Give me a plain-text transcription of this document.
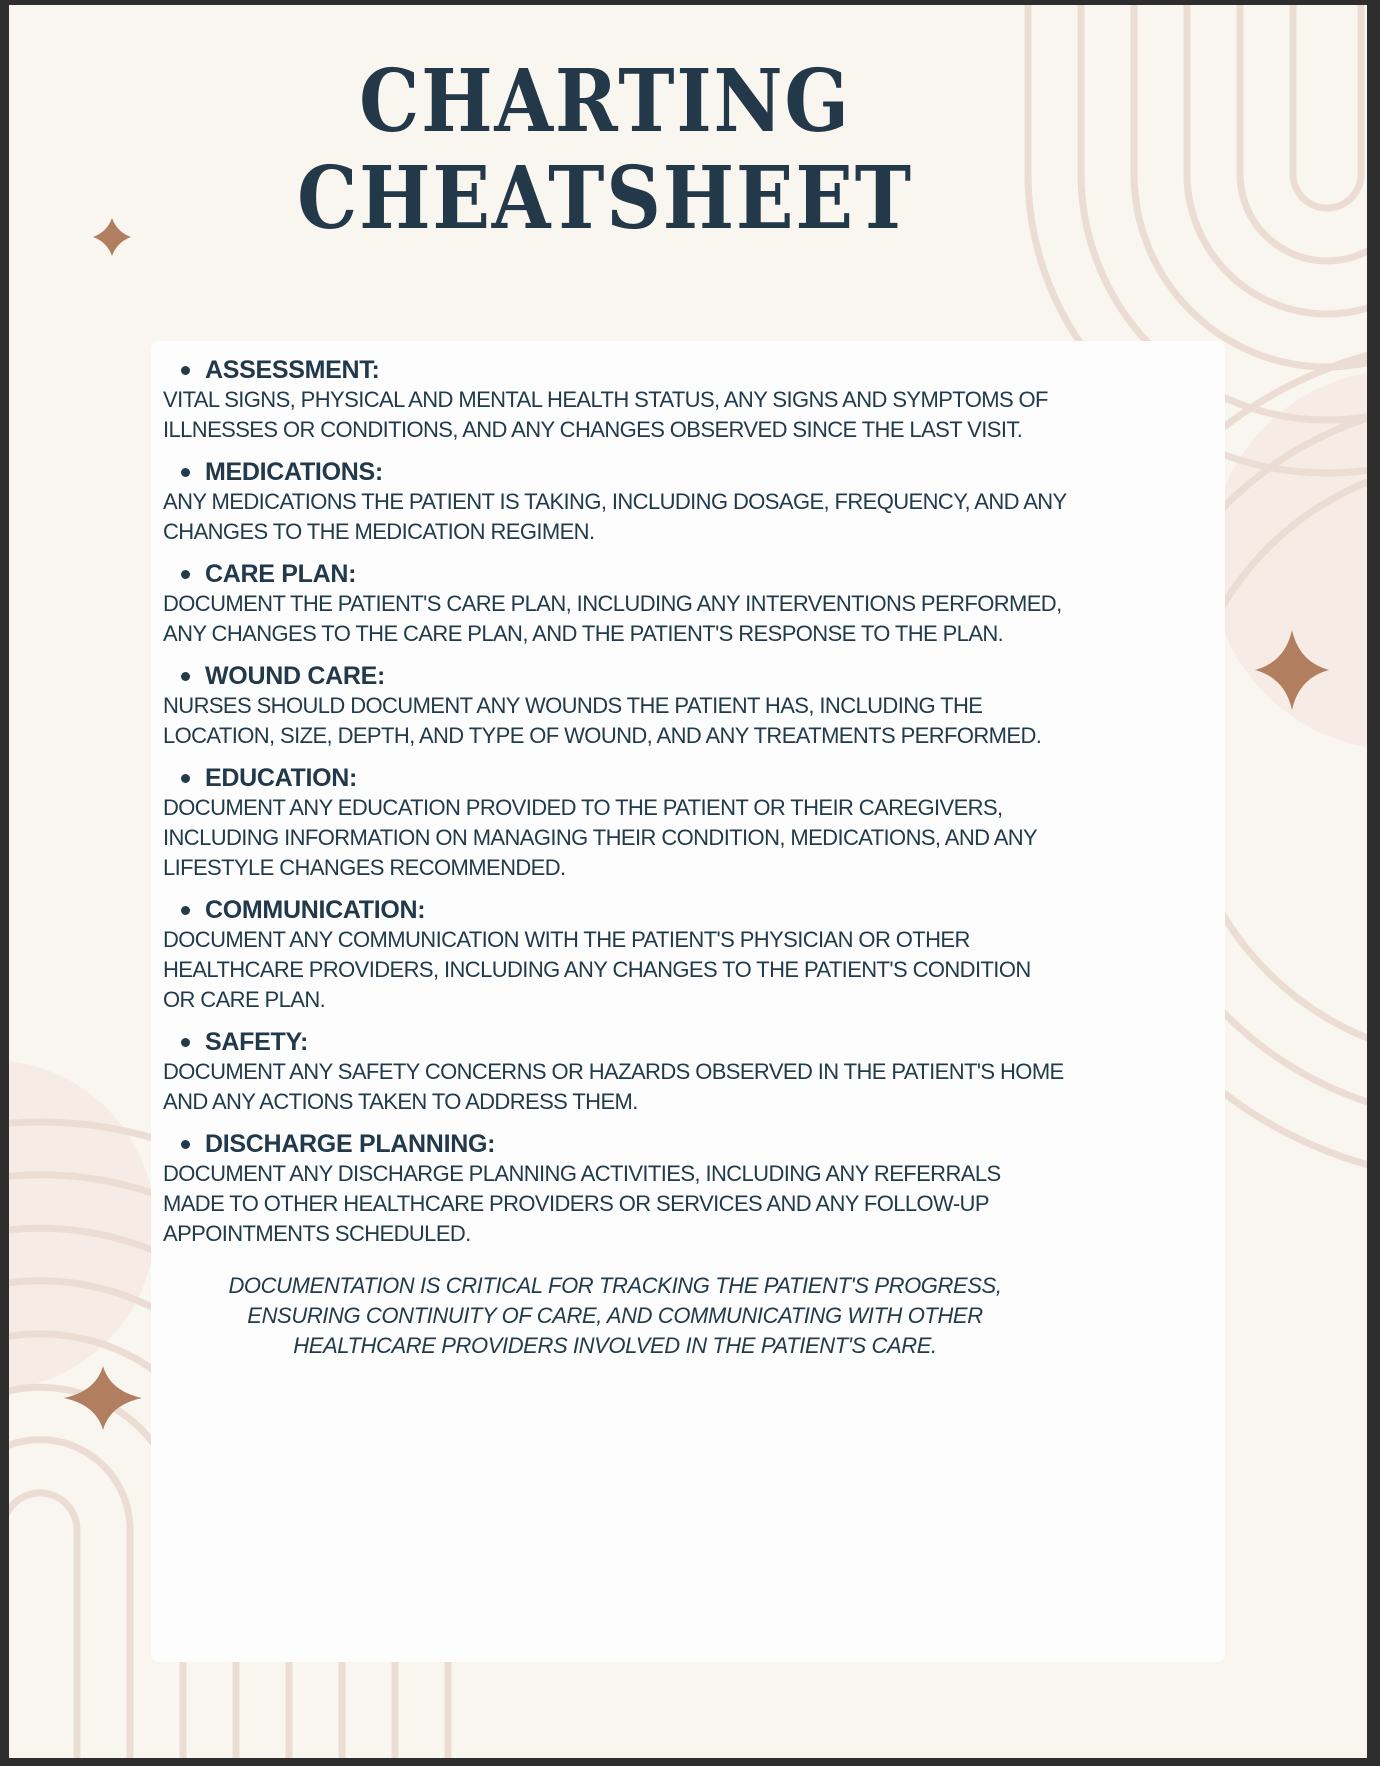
CHARTING
CHEATSHEET
ASSESSMENT:
VITAL SIGNS, PHYSICAL AND MENTAL HEALTH STATUS, ANY SIGNS AND SYMPTOMS OF ILLNESSES OR CONDITIONS, AND ANY CHANGES OBSERVED SINCE THE LAST VISIT.
MEDICATIONS:
ANY MEDICATIONS THE PATIENT IS TAKING, INCLUDING DOSAGE, FREQUENCY, AND ANY CHANGES TO THE MEDICATION REGIMEN.
CARE PLAN:
DOCUMENT THE PATIENT'S CARE PLAN, INCLUDING ANY INTERVENTIONS PERFORMED, ANY CHANGES TO THE CARE PLAN, AND THE PATIENT'S RESPONSE TO THE PLAN.
WOUND CARE:
NURSES SHOULD DOCUMENT ANY WOUNDS THE PATIENT HAS, INCLUDING THE LOCATION, SIZE, DEPTH, AND TYPE OF WOUND, AND ANY TREATMENTS PERFORMED.
EDUCATION:
DOCUMENT ANY EDUCATION PROVIDED TO THE PATIENT OR THEIR CAREGIVERS, INCLUDING INFORMATION ON MANAGING THEIR CONDITION, MEDICATIONS, AND ANY LIFESTYLE CHANGES RECOMMENDED.
COMMUNICATION:
DOCUMENT ANY COMMUNICATION WITH THE PATIENT'S PHYSICIAN OR OTHER HEALTHCARE PROVIDERS, INCLUDING ANY CHANGES TO THE PATIENT'S CONDITION OR CARE PLAN.
SAFETY:
DOCUMENT ANY SAFETY CONCERNS OR HAZARDS OBSERVED IN THE PATIENT'S HOME AND ANY ACTIONS TAKEN TO ADDRESS THEM.
DISCHARGE PLANNING:
DOCUMENT ANY DISCHARGE PLANNING ACTIVITIES, INCLUDING ANY REFERRALS MADE TO OTHER HEALTHCARE PROVIDERS OR SERVICES AND ANY FOLLOW-UP APPOINTMENTS SCHEDULED.
DOCUMENTATION IS CRITICAL FOR TRACKING THE PATIENT'S PROGRESS, ENSURING CONTINUITY OF CARE, AND COMMUNICATING WITH OTHER HEALTHCARE PROVIDERS INVOLVED IN THE PATIENT'S CARE.
